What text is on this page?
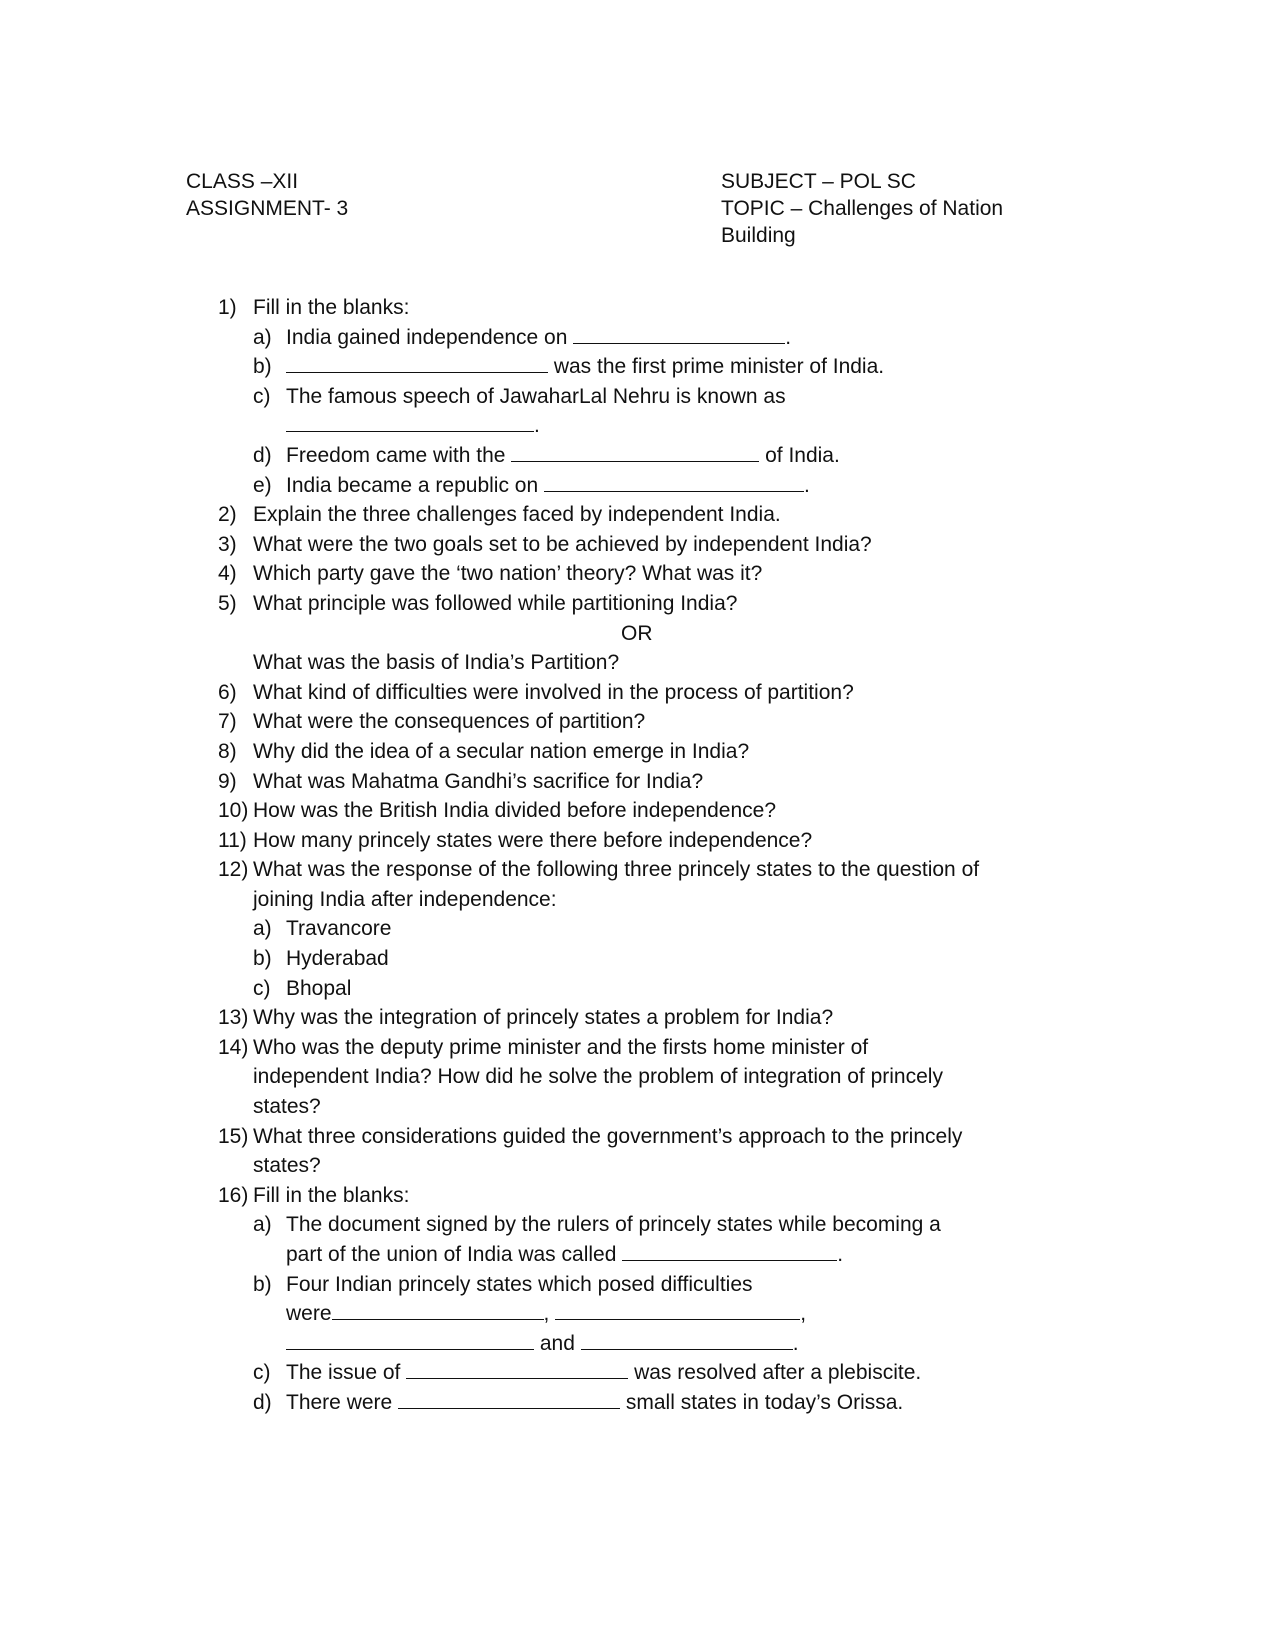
CLASS –XII
ASSIGNMENT- 3
SUBJECT – POL SC
TOPIC – Challenges of Nation
Building
1) Fill in the blanks:
a) India gained independence on	.
b)	was the first prime minister of India.
c) The famous speech of JawaharLal Nehru is known as
.
d) Freedom came with the	of India.
e) India became a republic on	.
2) Explain the three challenges faced by independent India.
3) What were the two goals set to be achieved by independent India?
4) Which party gave the ‘two nation’ theory? What was it?
5) What principle was followed while partitioning India?
OR
What was the basis of India’s Partition?
6) What kind of difficulties were involved in the process of partition?
7) What were the consequences of partition?
8) Why did the idea of a secular nation emerge in India?
9) What was Mahatma Gandhi’s sacrifice for India?
10) How was the British India divided before independence?
11) How many princely states were there before independence?
12) What was the response of the following three princely states to the question of
joining India after independence:
a) Travancore
b) Hyderabad
c) Bhopal
13) Why was the integration of princely states a problem for India?
14) Who was the deputy prime minister and the firsts home minister of
independent India? How did he solve the problem of integration of princely
states?
15) What three considerations guided the government’s approach to the princely
states?
16) Fill in the blanks:
a) The document signed by the rulers of princely states while becoming a
part of the union of India was called	.
b) Four Indian princely states which posed difficulties
were	,	,
and	.
c) The issue of	was resolved after a plebiscite.
d) There were	small states in today’s Orissa.
